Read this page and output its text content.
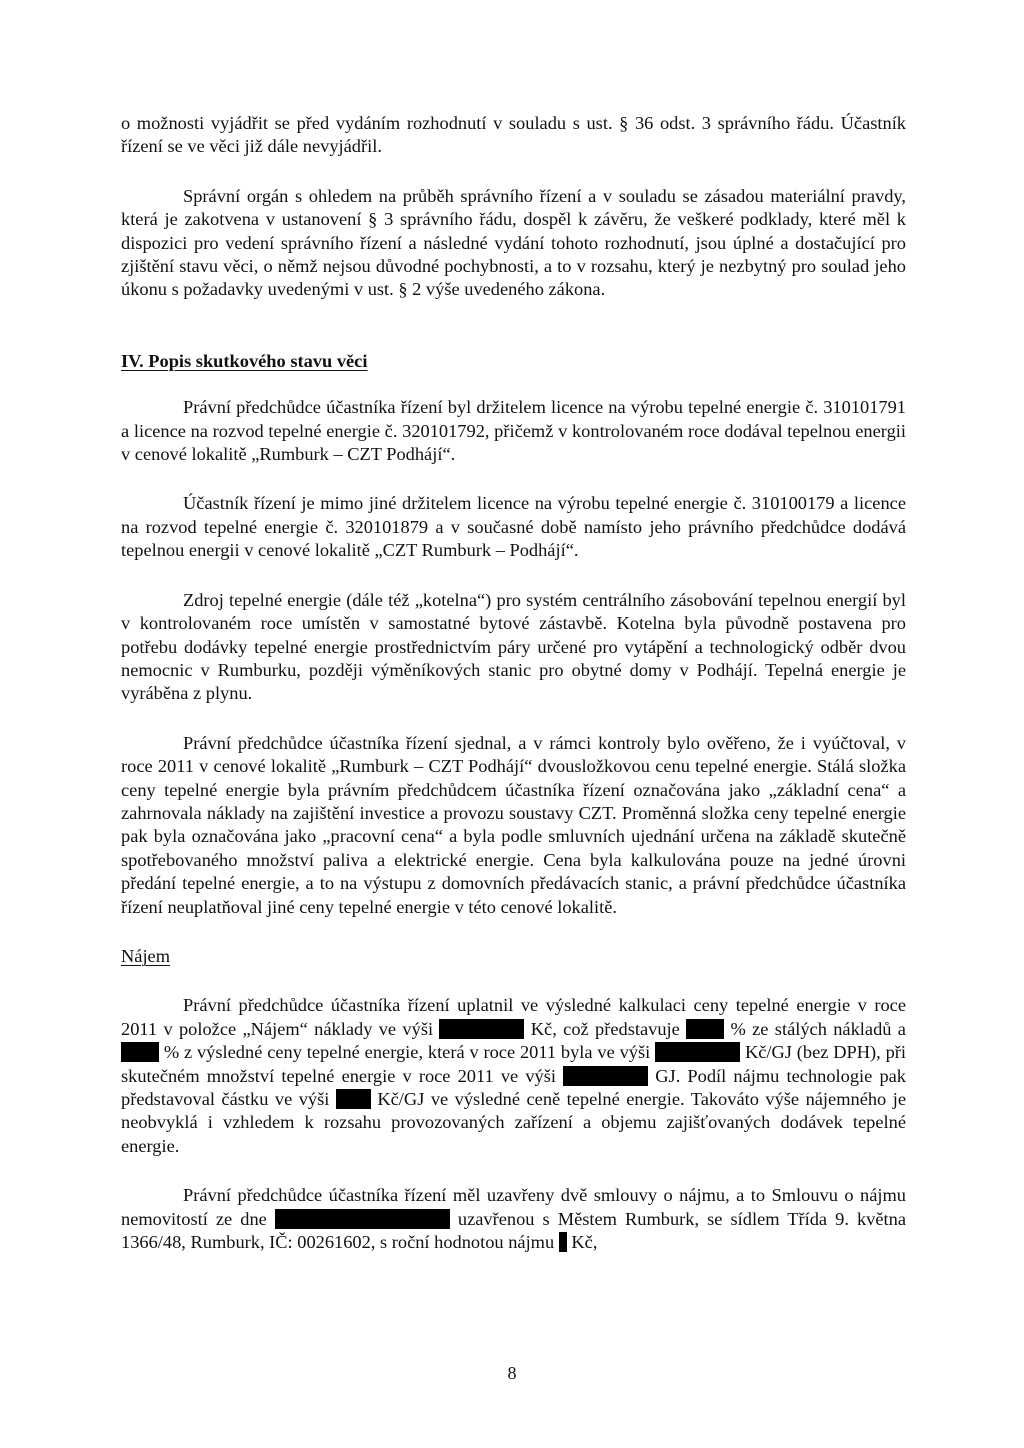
o možnosti vyjádřit se před vydáním rozhodnutí v souladu s ust. § 36 odst. 3 správního řádu. Účastník řízení se ve věci již dále nevyjádřil.

Správní orgán s ohledem na průběh správního řízení a v souladu se zásadou materiální pravdy, která je zakotvena v ustanovení § 3 správního řádu, dospěl k závěru, že veškeré podklady, které měl k dispozici pro vedení správního řízení a následné vydání tohoto rozhodnutí, jsou úplné a dostačující pro zjištění stavu věci, o němž nejsou důvodné pochybnosti, a to v rozsahu, který je nezbytný pro soulad jeho úkonu s požadavky uvedenými v ust. § 2 výše uvedeného zákona.

IV. Popis skutkového stavu věci

Právní předchůdce účastníka řízení byl držitelem licence na výrobu tepelné energie č. 310101791 a licence na rozvod tepelné energie č. 320101792, přičemž v kontrolovaném roce dodával tepelnou energii v cenové lokalitě „Rumburk – CZT Podhájí“.

Účastník řízení je mimo jiné držitelem licence na výrobu tepelné energie č. 310100179 a licence na rozvod tepelné energie č. 320101879 a v současné době namísto jeho právního předchůdce dodává tepelnou energii v cenové lokalitě „CZT Rumburk – Podhájí“.

Zdroj tepelné energie (dále též „kotelna“) pro systém centrálního zásobování tepelnou energií byl v kontrolovaném roce umístěn v samostatné bytové zástavbě. Kotelna byla původně postavena pro potřebu dodávky tepelné energie prostřednictvím páry určené pro vytápění a technologický odběr dvou nemocnic v Rumburku, později výměníkových stanic pro obytné domy v Podhájí. Tepelná energie je vyráběna z plynu.

Právní předchůdce účastníka řízení sjednal, a v rámci kontroly bylo ověřeno, že i vyúčtoval, v roce 2011 v cenové lokalitě „Rumburk – CZT Podhájí“ dvousložkovou cenu tepelné energie. Stálá složka ceny tepelné energie byla právním předchůdcem účastníka řízení označována jako „základní cena“ a zahrnovala náklady na zajištění investice a provozu soustavy CZT. Proměnná složka ceny tepelné energie pak byla označována jako „pracovní cena“ a byla podle smluvních ujednání určena na základě skutečně spotřebovaného množství paliva a elektrické energie. Cena byla kalkulována pouze na jedné úrovni předání tepelné energie, a to na výstupu z domovních předávacích stanic, a právní předchůdce účastníka řízení neuplatňoval jiné ceny tepelné energie v této cenové lokalitě.

Nájem

Právní předchůdce účastníka řízení uplatnil ve výsledné kalkulaci ceny tepelné energie v roce 2011 v položce „Nájem“ náklady ve výši	Kč, což představuje	% ze stálých nákladů a  % z výsledné ceny tepelné energie, která v roce 2011 byla ve výši	Kč/GJ (bez DPH), při skutečném množství tepelné energie v roce 2011 ve výši	GJ. Podíl nájmu technologie pak představoval částku ve výši	Kč/GJ ve výsledné ceně tepelné energie. Takováto výše nájemného je neobvyklá i vzhledem k rozsahu provozovaných zařízení a objemu zajišťovaných dodávek tepelné energie.

Právní předchůdce účastníka řízení měl uzavřeny dvě smlouvy o nájmu, a to Smlouvu o nájmu nemovitostí ze dne	uzavřenou s Městem Rumburk, se sídlem Třída 9. května 1366/48, Rumburk, IČ: 00261602, s roční hodnotou nájmu Kč,

8
